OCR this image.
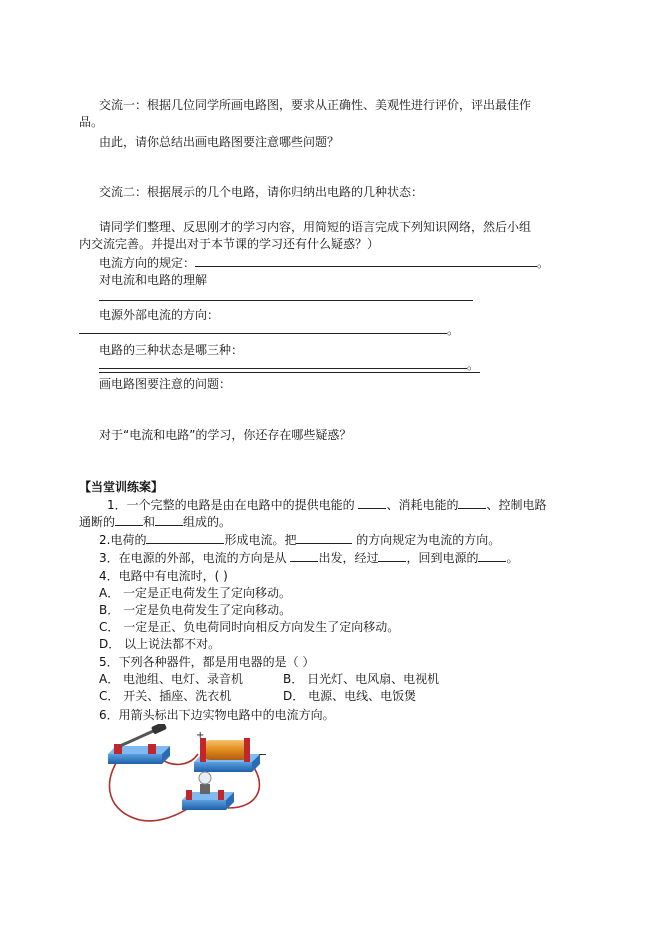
交流一：根据几位同学所画电路图，要求从正确性、美观性进行评价，评出最佳作
品。
由此，请你总结出画电路图要注意哪些问题？
交流二：根据展示的几个电路，请你归纳出电路的几种状态：
请同学们整理、反思刚才的学习内容，用简短的语言完成下列知识网络，然后小组
内交流完善。并提出对于本节课的学习还有什么疑惑？）
电流方向的规定：	。
对电流和电路的理解
电源外部电流的方向：
。
电路的三种状态是哪三种：
。
画电路图要注意的问题：
对于“电流和电路”的学习，你还存在哪些疑惑？
【当堂训练案】
1．一个完整的电路是由在电路中的提供电能的 、消耗电能的 、控制电路
通断的 和 组成的。
2.电荷的	形成电流。把	的方向规定为电流的方向。
3．在电源的外部，电流的方向是从 出发，经过 ，回到电源的 。
4．电路中有电流时，( )
A． 一定是正电荷发生了定向移动。
B． 一定是负电荷发生了定向移动。
C． 一定是正、负电荷同时向相反方向发生了定向移动。
D． 以上说法都不对。
5．下列各种器件，都是用电器的是（ ）
A． 电池组、电灯、录音机	B． 日光灯、电风扇、电视机
C． 开关、插座、洗衣机	D． 电源、电线、电饭煲
6．用箭头标出下边实物电路中的电流方向。
+
−
